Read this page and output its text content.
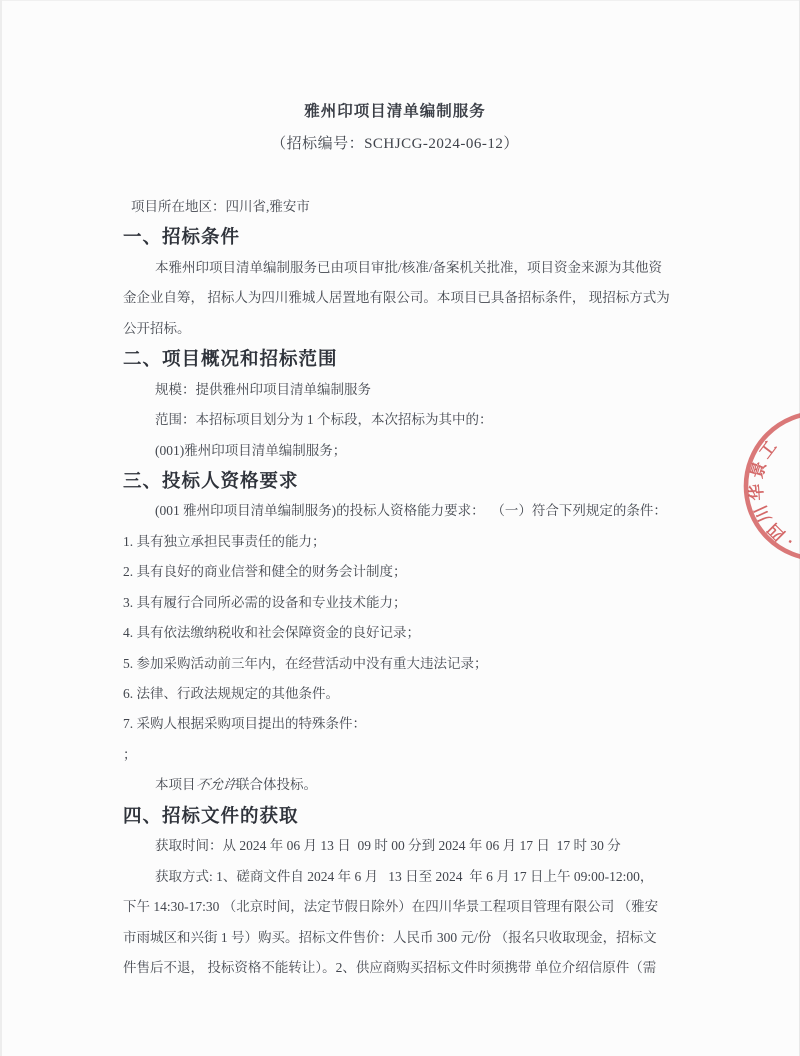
雅州印项目清单编制服务
（招标编号：SCHJCG-2024-06-12）
项目所在地区：四川省,雅安市
一、招标条件
本雅州印项目清单编制服务已由项目审批/核准/备案机关批准，项目资金来源为其他资
金企业自筹， 招标人为四川雅城人居置地有限公司。本项目已具备招标条件， 现招标方式为
公开招标。
二、项目概况和招标范围
规模：提供雅州印项目清单编制服务
范围：本招标项目划分为 1 个标段，本次招标为其中的：
(001)雅州印项目清单编制服务；
三、投标人资格要求
(001 雅州印项目清单编制服务)的投标人资格能力要求：  （一）符合下列规定的条件：
1. 具有独立承担民事责任的能力；
2. 具有良好的商业信誉和健全的财务会计制度；
3. 具有履行合同所必需的设备和专业技术能力；
4. 具有依法缴纳税收和社会保障资金的良好记录；
5. 参加采购活动前三年内，在经营活动中没有重大违法记录；
6. 法律、行政法规规定的其他条件。
7. 采购人根据采购项目提出的特殊条件：
；
本项目不允许联合体投标。
四、招标文件的获取
获取时间：从 2024 年 06 月 13 日  09 时 00 分到 2024 年 06 月 17 日  17 时 30 分
获取方式: 1、磋商文件自 2024 年 6 月   13 日至 2024  年 6 月 17 日上午 09:00-12:00，
下午 14:30-17:30 （北京时间，法定节假日除外）在四川华景工程项目管理有限公司 （雅安
市雨城区和兴街 1 号）购买。招标文件售价：人民币 300 元/份 （报名只收取现金，招标文
件售后不退， 投标资格不能转让）。2、供应商购买招标文件时须携带 单位介绍信原件（需
·四川华景工
